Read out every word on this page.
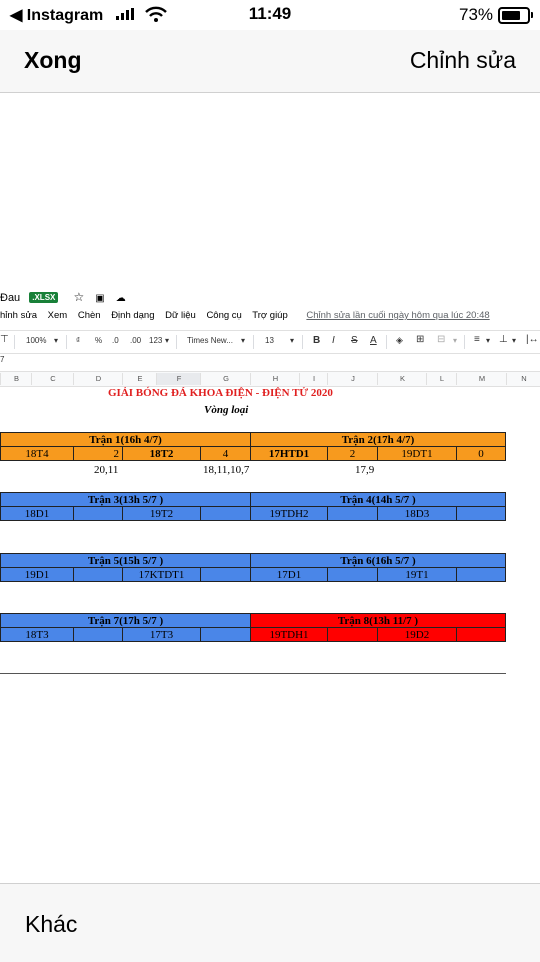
◀ Instagram	11:49	73%
Xong	Chỉnh sửa
Đau .XLSX ☆ ▣ ☁
hỉnh sửa Xem Chèn Định dạng Dữ liệu Công cụ Trợ giúp Chỉnh sửa lần cuối ngày hôm qua lúc 20:48
⊤ 100% ▾ ₫ % .0 .00 123 ▾ Times New... ▾ 13 ▾ B I S A ◈ ⊞ ⊟ ▾ ≡ ▾ ⊥ ▾ |↔
7
B	C	D	E	F	G	H	I	J	K	L	M	N
GIẢI BÓNG ĐÁ KHOA ĐIỆN - ĐIỆN TỬ 2020
Vòng loại
Trận 1(16h 4/7)	Trận 2(17h 4/7)
18T4	2	18T2	4	17HTD1	2	19DT1	0
20,11	18,11,10,7	17,9
Trận 3(13h 5/7 )	Trận 4(14h 5/7 )
18D1	19T2	19TDH2	18D3
Trận 5(15h 5/7 )	Trận 6(16h 5/7 )
19D1	17KTDT1	17D1	19T1
Trận 7(17h 5/7 )	Trận 8(13h 11/7 )
18T3	17T3	19TDH1	19D2
Khác
